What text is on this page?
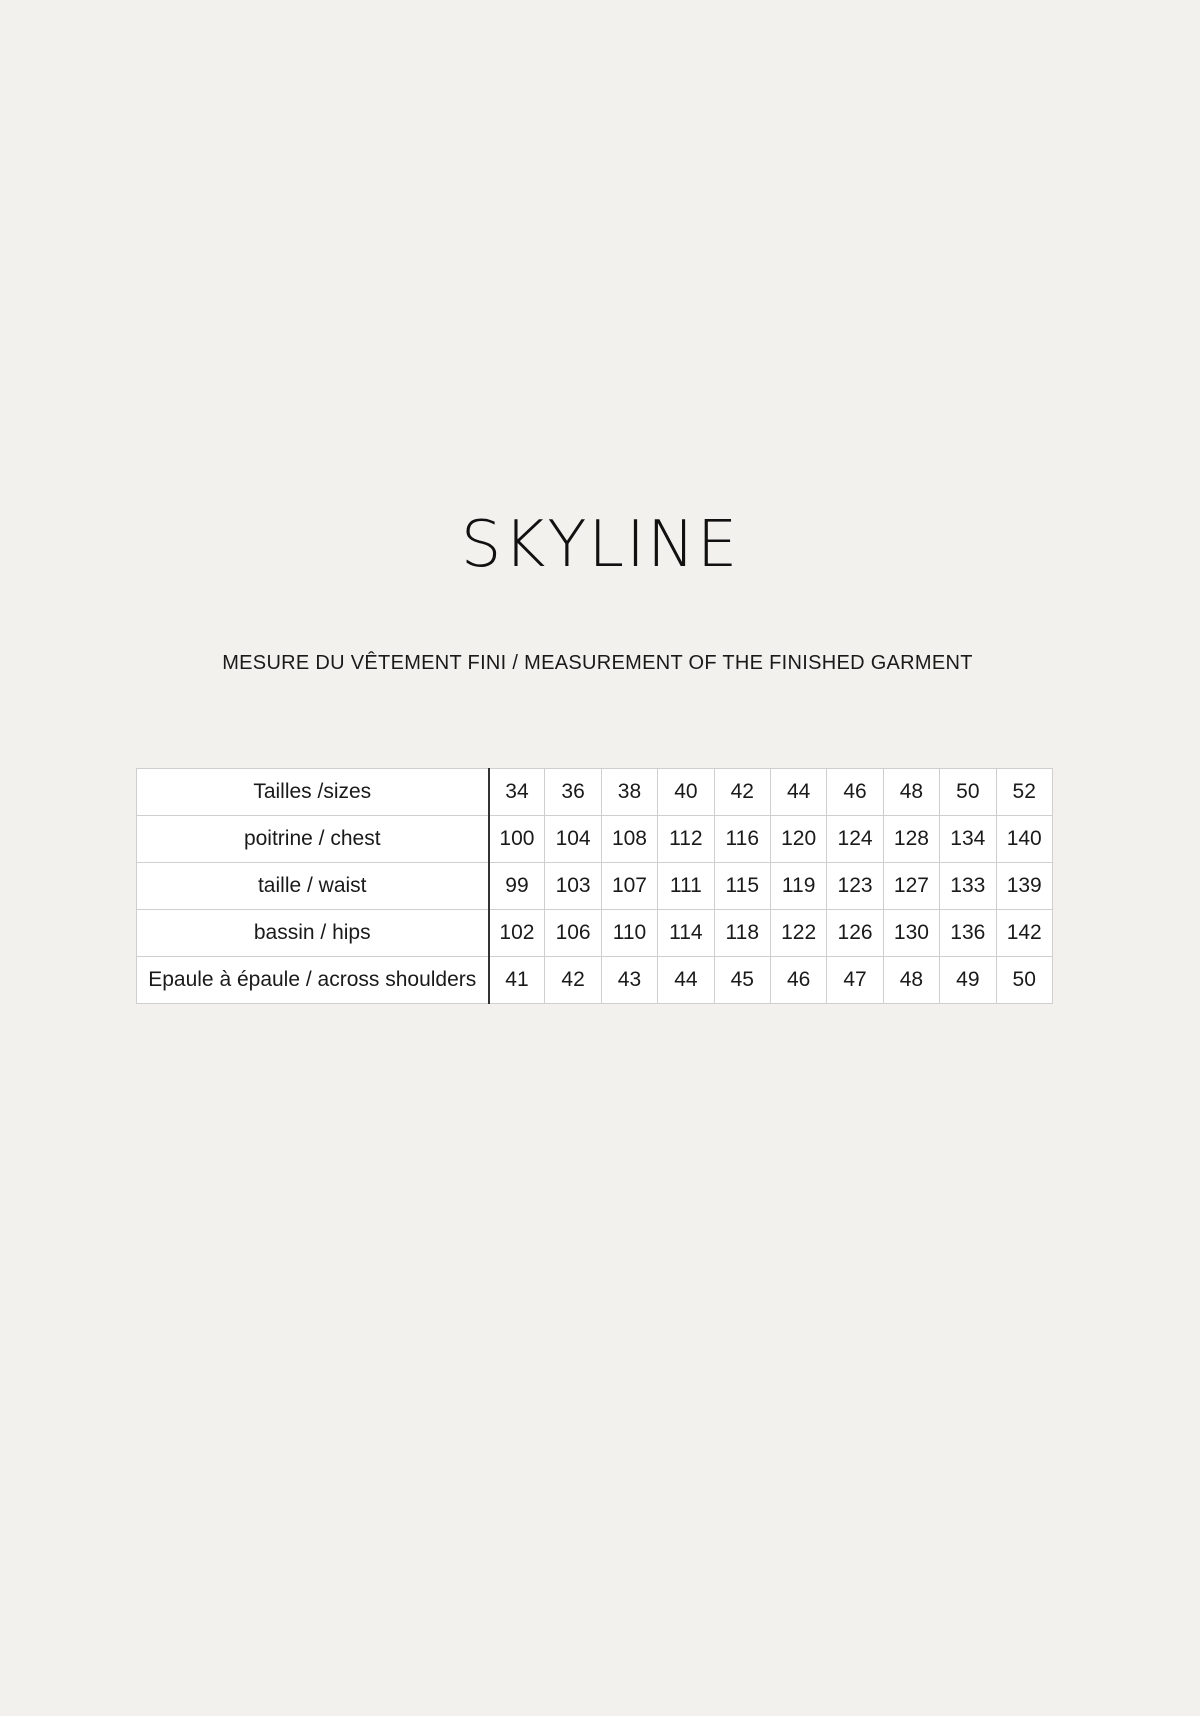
SKYLINE

MESURE DU VÊTEMENT FINI / MEASUREMENT OF THE FINISHED GARMENT

Tailles /sizes	34	36	38	40	42	44	46	48	50	52
poitrine / chest	100	104	108	112	116	120	124	128	134	140
taille / waist	99	103	107	111	115	119	123	127	133	139
bassin / hips	102	106	110	114	118	122	126	130	136	142
Epaule à épaule / across shoulders	41	42	43	44	45	46	47	48	49	50
